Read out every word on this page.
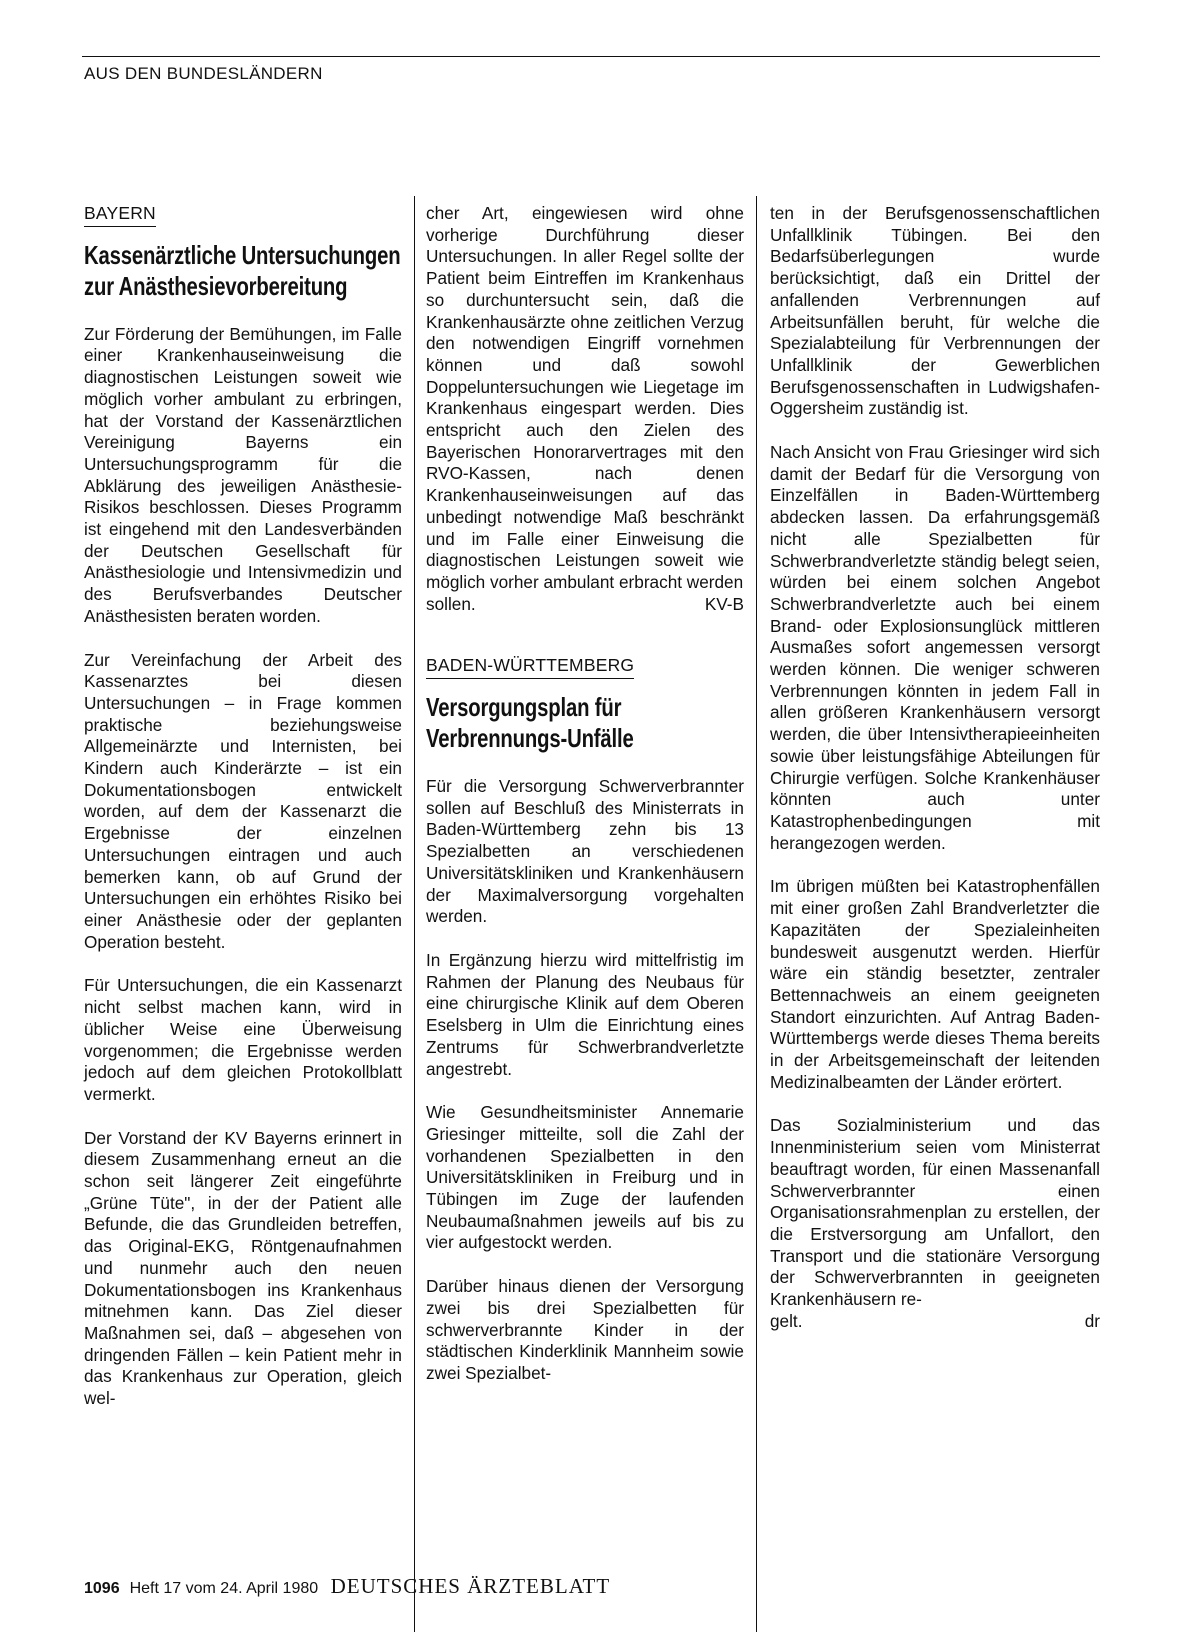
AUS DEN BUNDESLÄNDERN
BAYERN
Kassenärztliche Untersuchungen zur Anästhesievorbereitung

Zur Förderung der Bemühungen, im Falle einer Krankenhauseinweisung die diagnostischen Leistungen soweit wie möglich vorher ambulant zu erbringen, hat der Vorstand der Kassenärztlichen Vereinigung Bayerns ein Untersuchungsprogramm für die Abklärung des jeweiligen Anästhesie-Risikos beschlossen. Dieses Programm ist eingehend mit den Landesverbänden der Deutschen Gesellschaft für Anästhesiologie und Intensivmedizin und des Berufsverbandes Deutscher Anästhesisten beraten worden.

Zur Vereinfachung der Arbeit des Kassenarztes bei diesen Untersuchungen – in Frage kommen praktische beziehungsweise Allgemeinärzte und Internisten, bei Kindern auch Kinderärzte – ist ein Dokumentationsbogen entwickelt worden, auf dem der Kassenarzt die Ergebnisse der einzelnen Untersuchungen eintragen und auch bemerken kann, ob auf Grund der Untersuchungen ein erhöhtes Risiko bei einer Anästhesie oder der geplanten Operation besteht.

Für Untersuchungen, die ein Kassenarzt nicht selbst machen kann, wird in üblicher Weise eine Überweisung vorgenommen; die Ergebnisse werden jedoch auf dem gleichen Protokollblatt vermerkt.

Der Vorstand der KV Bayerns erinnert in diesem Zusammenhang erneut an die schon seit längerer Zeit eingeführte „Grüne Tüte", in der der Patient alle Befunde, die das Grundleiden betreffen, das Original-EKG, Röntgenaufnahmen und nunmehr auch den neuen Dokumentationsbogen ins Krankenhaus mitnehmen kann. Das Ziel dieser Maßnahmen sei, daß – abgesehen von dringenden Fällen – kein Patient mehr in das Krankenhaus zur Operation, gleich wel-

cher Art, eingewiesen wird ohne vorherige Durchführung dieser Untersuchungen. In aller Regel sollte der Patient beim Eintreffen im Krankenhaus so durchuntersucht sein, daß die Krankenhausärzte ohne zeitlichen Verzug den notwendigen Eingriff vornehmen können und daß sowohl Doppeluntersuchungen wie Liegetage im Krankenhaus eingespart werden. Dies entspricht auch den Zielen des Bayerischen Honorarvertrages mit den RVO-Kassen, nach denen Krankenhauseinweisungen auf das unbedingt notwendige Maß beschränkt und im Falle einer Einweisung die diagnostischen Leistungen soweit wie möglich vorher ambulant erbracht werden

sollen.	KV-B
BADEN-WÜRTTEMBERG
Versorgungsplan für Verbrennungs-Unfälle

Für die Versorgung Schwerverbrannter sollen auf Beschluß des Ministerrats in Baden-Württemberg zehn bis 13 Spezialbetten an verschiedenen Universitätskliniken und Krankenhäusern der Maximalversorgung vorgehalten werden.

In Ergänzung hierzu wird mittelfristig im Rahmen der Planung des Neubaus für eine chirurgische Klinik auf dem Oberen Eselsberg in Ulm die Einrichtung eines Zentrums für Schwerbrandverletzte angestrebt.

Wie Gesundheitsminister Annemarie Griesinger mitteilte, soll die Zahl der vorhandenen Spezialbetten in den Universitätskliniken in Freiburg und in Tübingen im Zuge der laufenden Neubaumaßnahmen jeweils auf bis zu vier aufgestockt werden.

Darüber hinaus dienen der Versorgung zwei bis drei Spezialbetten für schwerverbrannte Kinder in der städtischen Kinderklinik Mannheim sowie zwei Spezialbet-

ten in der Berufsgenossenschaftlichen Unfallklinik Tübingen. Bei den Bedarfsüberlegungen wurde berücksichtigt, daß ein Drittel der anfallenden Verbrennungen auf Arbeitsunfällen beruht, für welche die Spezialabteilung für Verbrennungen der Unfallklinik der Gewerblichen Berufsgenossenschaften in Ludwigshafen-Oggersheim zuständig ist.

Nach Ansicht von Frau Griesinger wird sich damit der Bedarf für die Versorgung von Einzelfällen in Baden-Württemberg abdecken lassen. Da erfahrungsgemäß nicht alle Spezialbetten für Schwerbrandverletzte ständig belegt seien, würden bei einem solchen Angebot Schwerbrandverletzte auch bei einem Brand- oder Explosionsunglück mittleren Ausmaßes sofort angemessen versorgt werden können. Die weniger schweren Verbrennungen könnten in jedem Fall in allen größeren Krankenhäusern versorgt werden, die über Intensivtherapieeinheiten sowie über leistungsfähige Abteilungen für Chirurgie verfügen. Solche Krankenhäuser könnten auch unter Katastrophenbedingungen mit herangezogen werden.

Im übrigen müßten bei Katastrophenfällen mit einer großen Zahl Brandverletzter die Kapazitäten der Spezialeinheiten bundesweit ausgenutzt werden. Hierfür wäre ein ständig besetzter, zentraler Bettennachweis an einem geeigneten Standort einzurichten. Auf Antrag Baden-Württembergs werde dieses Thema bereits in der Arbeitsgemeinschaft der leitenden Medizinalbeamten der Länder erörtert.

Das Sozialministerium und das Innenministerium seien vom Ministerrat beauftragt worden, für einen Massenanfall Schwerverbrannter einen Organisationsrahmenplan zu erstellen, der die Erstversorgung am Unfallort, den Transport und die stationäre Versorgung der Schwerverbrannten in geeigneten Krankenhäusern re-

gelt.	dr
1096 Heft 17 vom 24. April 1980 DEUTSCHES ÄRZTEBLATT
